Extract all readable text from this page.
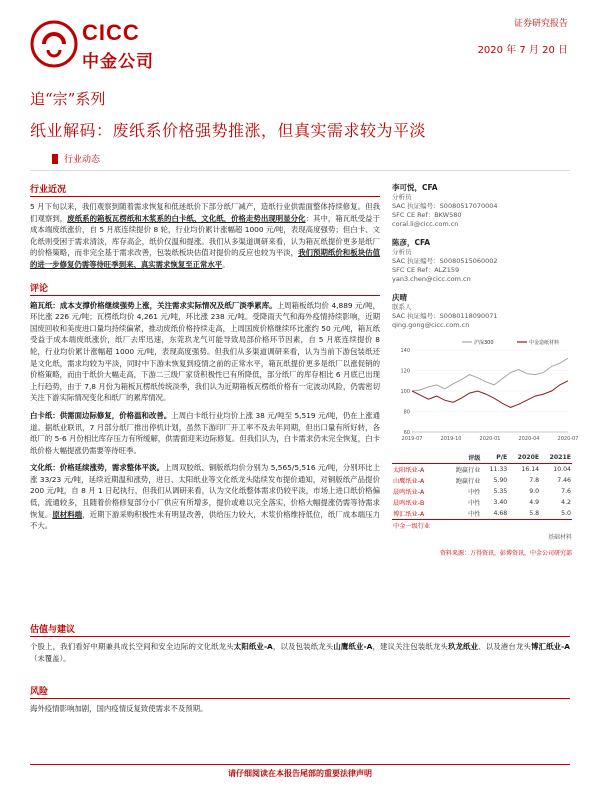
CICC
中金公司
证券研究报告
2020 年 7 月 20 日
追“宗”系列
纸业解码：废纸系价格强势推涨，但真实需求较为平淡
行业动态
行业近况
5 月下旬以来，我们观察到随着需求恢复和低迷纸价下部分纸厂减产，造纸行业供需面整体持续修复。但我们观察到，废纸系的箱板瓦楞纸和木浆系的白卡纸、文化纸，价格走势出现明显分化：其中，箱瓦纸受益于成本端废纸涨价，自 5 月底连续提价 8 轮，行业均价累计涨幅超 1000 元/吨，表现高度强势；但白卡、文化纸则受困于需求清淡，库存高企，纸价仅温和提涨。我们从多渠道调研来看，认为箱瓦纸提价更多是纸厂的价格策略，而非完全基于需求改善，包装纸板块估值对提价的反应也较为平淡，我们预期纸价和板块估值的进一步修复仍需等待旺季到来、真实需求恢复至正常水平。
评论
箱瓦纸：成本支撑价格继续强势上涨，关注需求实际情况及纸厂淡季累库。上周箱板纸均价 4,889 元/吨，环比涨 226 元/吨；瓦楞纸均价 4,261 元/吨，环比涨 238 元/吨。受降雨天气和海外疫情持续影响，近期国废回收和美废进口量均持续偏紧，推动废纸价格持续走高，上周国废价格继续环比涨约 50 元/吨，箱瓦纸受益于成本端废纸涨价，纸厂去库迅速，东莞玖龙气可能导致局部价格环节因素，自 5 月底连续提价 8 轮，行业均价累计涨幅超 1000 元/吨，表现高度强势。但我们从多渠道调研来看，认为当前下游包装纸还是文化纸，需求均较为平淡，同时中下游未恢复到疫情之前的正常水平，箱瓦纸提价更多是纸厂以涨促销的价格策略，而由于纸价大幅走高，下游二三级厂家货积极性已有所降低，部分纸厂的库存相比 6 月底已出现上行趋势，由于 7,8 月份为箱板瓦楞纸传统淡季，我们认为近期箱板瓦楞纸价格有一定波动风险，仍需密切关注下游实际情况变化和纸厂的累库情况。
白卡纸：供需面边际修复，价格温和改善。上周白卡纸行业均价上涨 38 元/吨至 5,519 元/吨，仍在上涨通道。据纸业联讯，7 月部分纸厂推出停机计划，虽然下游印厂开工率不及去年同期，但出口量有所好转，各纸厂的 5-6 月份相比库存压力有所缓解，供需面迎来边际修复。但我们认为，白卡需求仍未完全恢复，白卡纸价格大幅提涨仍需要等待旺季。
文化纸：价格延续涨势，需求整体平淡。上周双胶纸、铜版纸均价分别为 5,565/5,516 元/吨，分别环比上涨 33/23 元/吨，延续近期温和涨势，进日、太阳纸业等文化纸龙头陆续发布提价通知，对铜版纸产品提价 200 元/吨，自 8 月 1 日起执行，但我们从调研来看，认为文化纸整体需求仍较平淡，市场上进口纸价格偏低，流通较多，且随着价格修复部分小厂供应有所增多，提价或难以完全落实，价格大幅提涨仍需等待需求恢复。原材料端，近期下游采购积极性未有明显改善，供给压力较大，木浆价格维持低位，纸厂成本端压力不大。
估值与建议
个股上，我们看好中期兼具成长空间和安全边际的文化纸龙头太阳纸业-A，以及包装纸龙头山鹰纸业-A，建议关注包装纸龙头玖龙纸业、以及港台龙头博汇纸业-A（未覆盖）。
风险
海外疫情影响加剧，国内疫情反复致使需求不及预期。
李可悦，CFA
分析员
SAC 执证编号：S0080517070004
SFC CE Ref：BKW580
coral.li@cicc.com.cn
陈彦，CFA
分析员
SAC 执证编号：S0080515060002
SFC CE Ref：ALZ159
yan3.chen@cicc.com.cn
庆晴
联系人
SAC 执证编号：S0080118090071
qing.gong@cicc.com.cn
60
80
100
120
140
2019-07	2019-10	2020-01	2020-04	2020-07
沪深300	中金造纸材料
	评级	P/E	2020E	2021E
太阳纸业-A	跑赢行业	11.33	16.14	10.04
山鹰纸业-A	跑赢行业	5.90	7.8	7.46
晨鸣纸业-A	中性	5.35	9.0	7.6
晨鸣纸业-B	中性	3.40	4.9	4.2
博汇纸业-A	中性	4.68	5.8	5.0
中金一级行业				
基础材料
资料来源：万得资讯，彭博资讯，中金公司研究部
请仔细阅读在本报告尾部的重要法律声明
